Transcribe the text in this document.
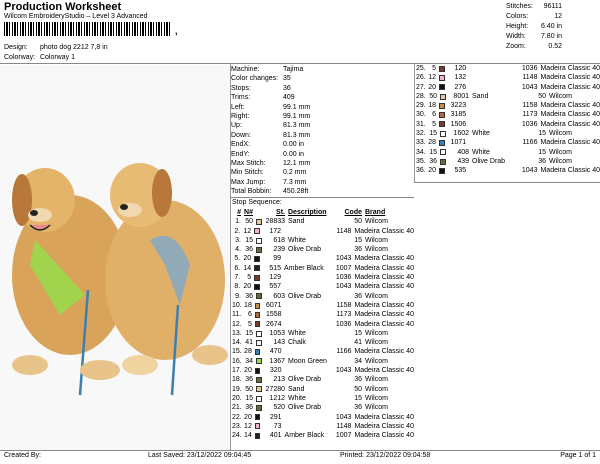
Production Worksheet
Wilcom EmbroideryStudio – Level 3 Advanced
,
Design: photo dog 2212 7,8 in
Colorway: Colorway 1
Stitches: 96111
Colors:	12
Height: 6.40 in
Width: 7.80 in
Zoom:	0.52
Machine:	Tajima
Color changes: 35
Stops:	36
Trims:	409
Left:	99.1 mm
Right:	99.1 mm
Up:	81.3 mm
Down:	81.3 mm
EndX:	0.00 in
EndY:	0.00 in
Max Stitch:	12.1 mm
Min Stitch:	0.2 mm
Max Jump:	7.3 mm
Total Bobbin:	450.28ft
Stop Sequence:
# N#	St. Description	Code Brand
1. 50 28833 Sand	50 Wilcom
2. 12	172	1148 Madeira Classic 40
3. 15	618 White	15 Wilcom
4. 36	239 Olive Drab	36 Wilcom
5. 20	99	1043 Madeira Classic 40
6. 14	515 Amber Black	1007 Madeira Classic 40
7.	5	129	1036 Madeira Classic 40
8. 20	557	1043 Madeira Classic 40
9. 36	603 Olive Drab	36 Wilcom
10. 18	6071	1158 Madeira Classic 40
11. 6	1558	1173 Madeira Classic 40
12. 5	2674	1036 Madeira Classic 40
13. 15	1053 White	15 Wilcom
14. 41	143 Chalk	41 Wilcom
15. 28	470	1166 Madeira Classic 40
16. 34	1367 Moon Green	34 Wilcom
17. 20	320	1043 Madeira Classic 40
18. 36	213 Olive Drab	36 Wilcom
19. 50 27280 Sand	50 Wilcom
20. 15	1212 White	15 Wilcom
21. 36	520 Olive Drab	36 Wilcom
22. 20	291	1043 Madeira Classic 40
23. 12	73	1148 Madeira Classic 40
24. 14	401 Amber Black	1007 Madeira Classic 40
25. 5	120	1036 Madeira Classic 40
26. 12	132	1148 Madeira Classic 40
27. 20	276	1043 Madeira Classic 40
28. 50	8001 Sand	50 Wilcom
29. 18	3223	1158 Madeira Classic 40
30. 6	3185	1173 Madeira Classic 40
31. 5	1506	1036 Madeira Classic 40
32. 15	1602 White	15 Wilcom
33. 28	1071	1166 Madeira Classic 40
34. 15	408 White	15 Wilcom
35. 36	439 Olive Drab	36 Wilcom
36. 20	535	1043 Madeira Classic 40
Created By:	Last Saved: 23/12/2022 09:04:45	Printed: 23/12/2022 09:04:58	Page 1 of 1
